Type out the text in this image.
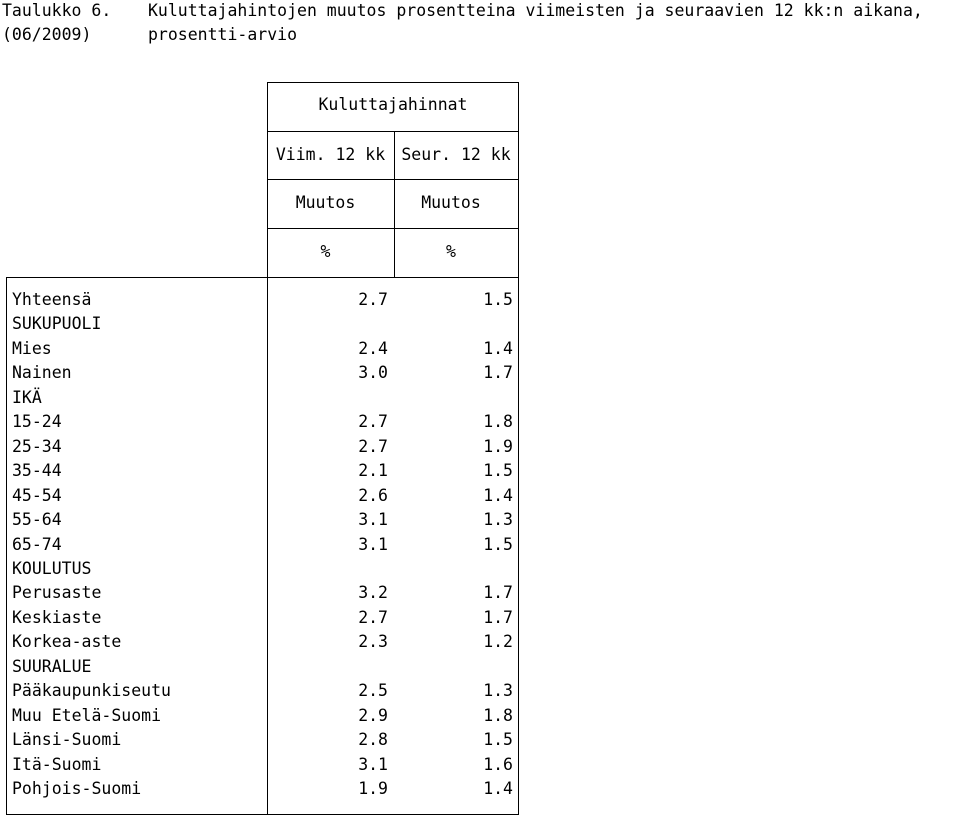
Taulukko 6.
(06/2009)
Kuluttajahintojen muutos prosentteina viimeisten ja seuraavien 12 kk:n aikana,
prosentti-arvio
Kuluttajahinnat
Viim. 12 kk Seur. 12 kk
Muutos	Muutos
%	%
Yhteensä	2.7	1.5
SUKUPUOLI
Mies	2.4	1.4
Nainen	3.0	1.7
IKÄ
15-24	2.7	1.8
25-34	2.7	1.9
35-44	2.1	1.5
45-54	2.6	1.4
55-64	3.1	1.3
65-74	3.1	1.5
KOULUTUS
Perusaste	3.2	1.7
Keskiaste	2.7	1.7
Korkea-aste	2.3	1.2
SUURALUE
Pääkaupunkiseutu	2.5	1.3
Muu Etelä-Suomi	2.9	1.8
Länsi-Suomi	2.8	1.5
Itä-Suomi	3.1	1.6
Pohjois-Suomi	1.9	1.4
